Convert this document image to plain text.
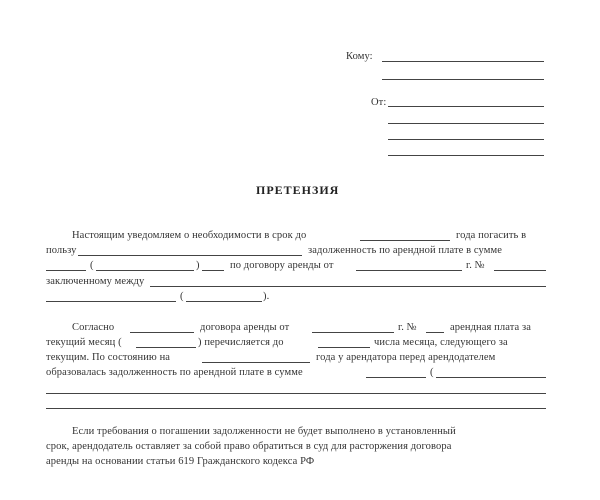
Кому:
От:
ПРЕТЕНЗИЯ
Настоящим уведомляем о необходимости в срок до	года погасить в
пользу	задолженность по арендной плате в сумме
(	)	по договору аренды от	г. №
заключенному между
(	).
Согласно	договора аренды от	г. №	арендная плата за
текущий месяц (	) перечисляется до	числа месяца, следующего за
текущим. По состоянию на	года у арендатора перед арендодателем
образовалась задолженность по арендной плате в сумме	(
Если требования о погашении задолженности не будет выполнено в установленный
срок, арендодатель оставляет за собой право обратиться в суд для расторжения договора
аренды на основании статьи 619 Гражданского кодекса РФ
